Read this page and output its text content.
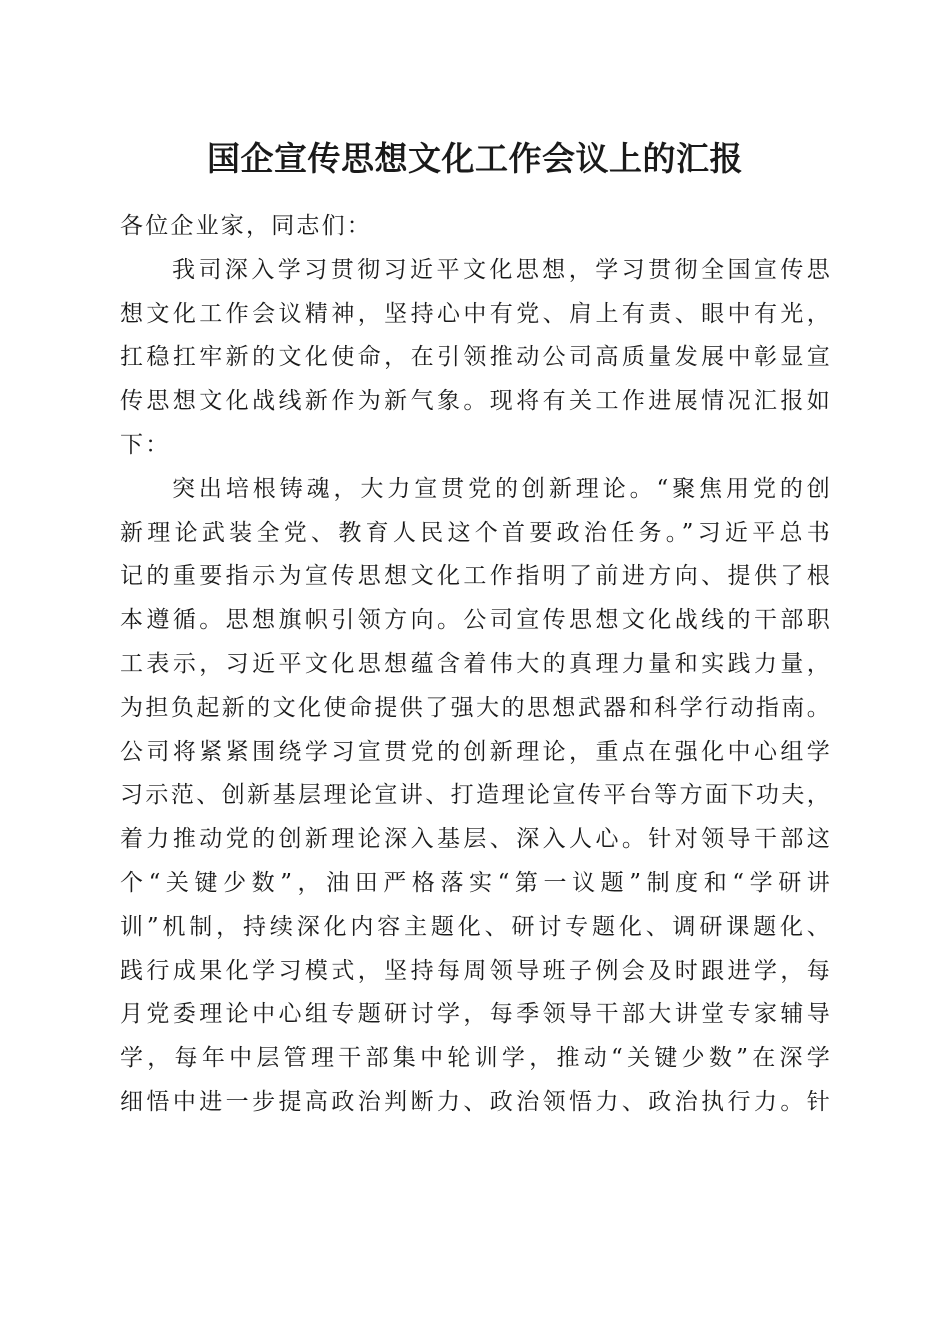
国企宣传思想文化工作会议上的汇报
各位企业家，同志们：
我司深入学习贯彻习近平文化思想，学习贯彻全国宣传思
想文化工作会议精神，坚持心中有党、肩上有责、眼中有光，
扛稳扛牢新的文化使命，在引领推动公司高质量发展中彰显宣
传思想文化战线新作为新气象。现将有关工作进展情况汇报如
下：
突出培根铸魂，大力宣贯党的创新理论。“聚焦用党的创
新理论武装全党、教育人民这个首要政治任务。”习近平总书
记的重要指示为宣传思想文化工作指明了前进方向、提供了根
本遵循。思想旗帜引领方向。公司宣传思想文化战线的干部职
工表示，习近平文化思想蕴含着伟大的真理力量和实践力量，
为担负起新的文化使命提供了强大的思想武器和科学行动指南。
公司将紧紧围绕学习宣贯党的创新理论，重点在强化中心组学
习示范、创新基层理论宣讲、打造理论宣传平台等方面下功夫，
着力推动党的创新理论深入基层、深入人心。针对领导干部这
个“关键少数”，油田严格落实“第一议题”制度和“学研讲
训”机制，持续深化内容主题化、研讨专题化、调研课题化、
践行成果化学习模式，坚持每周领导班子例会及时跟进学，每
月党委理论中心组专题研讨学，每季领导干部大讲堂专家辅导
学，每年中层管理干部集中轮训学，推动“关键少数”在深学
细悟中进一步提高政治判断力、政治领悟力、政治执行力。针
